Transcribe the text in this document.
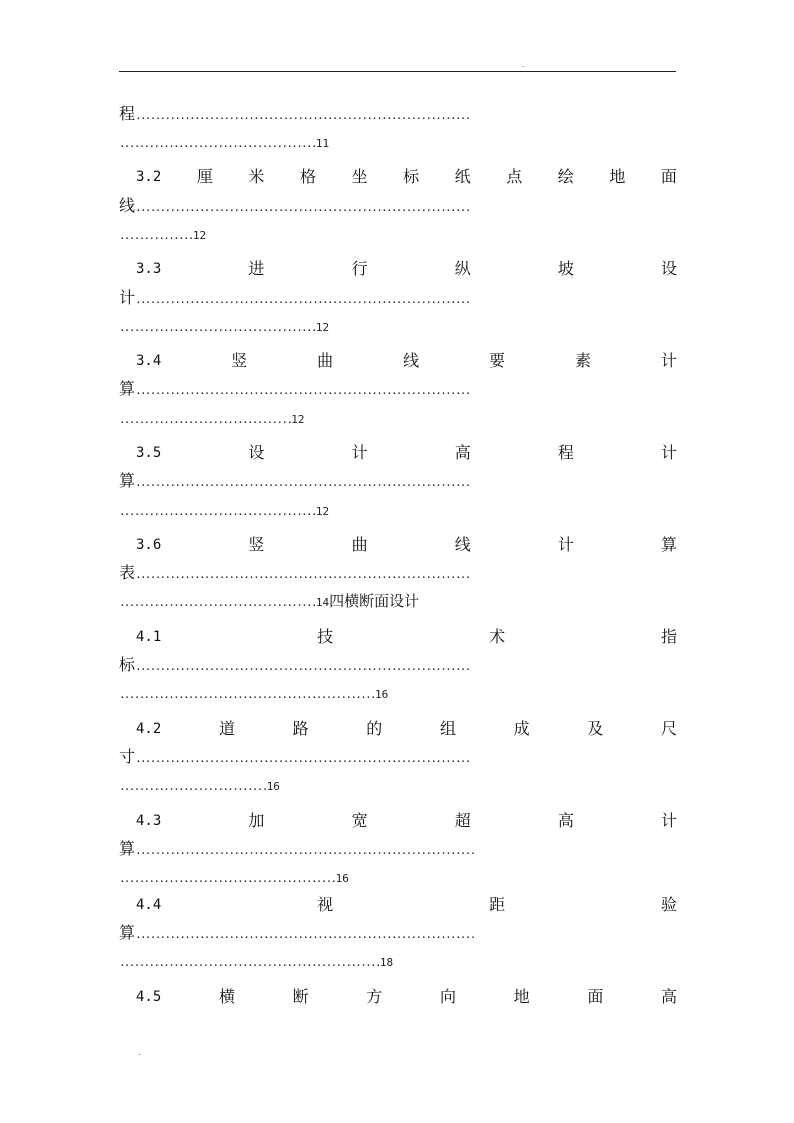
.
程....................................................................
........................................11
3.2 厘 米 格 坐 标 纸 点 绘 地 面
线....................................................................
...............12
3.3	进	行	纵	坡	设
计....................................................................
........................................12
3.4	竖	曲	线	要	素	计
算....................................................................
...................................12
3.5	设	计	高	程	计
算....................................................................
........................................12
3.6	竖	曲	线	计	算
表....................................................................
........................................14四横断面设计
4.1	技	术	指
标....................................................................
....................................................16
4.2	道	路	的	组	成	及	尺
寸....................................................................
..............................16
4.3	加	宽	超	高	计
算.....................................................................
............................................16
4.4	视	距	验
算.....................................................................
.....................................................18
4.5	横	断	方	向	地	面	高
.
